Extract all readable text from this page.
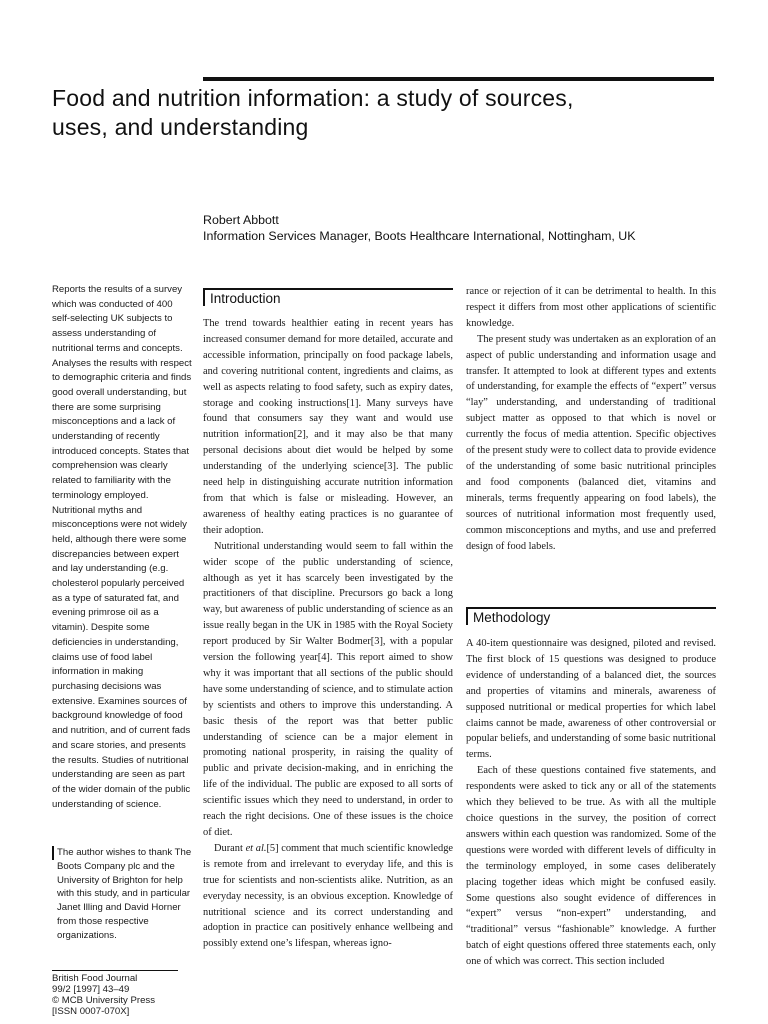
Food and nutrition information: a study of sources,
uses, and understanding
Robert Abbott
Information Services Manager, Boots Healthcare International, Nottingham, UK
Reports the results of a survey which was conducted of 400 self-selecting UK subjects to assess understanding of nutritional terms and concepts. Analyses the results with respect to demographic criteria and finds good overall understanding, but there are some surprising misconceptions and a lack of understanding of recently introduced concepts. States that comprehension was clearly related to familiarity with the terminology employed. Nutritional myths and misconceptions were not widely held, although there were some discrepancies between expert and lay understanding (e.g. cholesterol popularly perceived as a type of saturated fat, and evening primrose oil as a vitamin). Despite some deficiencies in understanding, claims use of food label information in making purchasing decisions was extensive. Examines sources of background knowledge of food and nutrition, and of current fads and scare stories, and presents the results. Studies of nutritional understanding are seen as part of the wider domain of the public understanding of science.
The author wishes to thank The Boots Company plc and the University of Brighton for help with this study, and in particular Janet Illing and David Horner from those respective organizations.
British Food Journal
99/2 [1997] 43–49
© MCB University Press
[ISSN 0007-070X]
Introduction

The trend towards healthier eating in recent years has increased consumer demand for more detailed, accurate and accessible information, principally on food package labels, and covering nutritional content, ingredients and claims, as well as aspects relating to food safety, such as expiry dates, storage and cooking instructions[1]. Many surveys have found that consumers say they want and would use nutrition information[2], and it may also be that many personal decisions about diet would be helped by some understanding of the underlying science[3]. The public need help in distinguishing accurate nutrition information from that which is false or misleading. However, an awareness of healthy eating practices is no guarantee of their adoption.

Nutritional understanding would seem to fall within the wider scope of the public understanding of science, although as yet it has scarcely been investigated by the practitioners of that discipline. Precursors go back a long way, but awareness of public understanding of science as an issue really began in the UK in 1985 with the Royal Society report produced by Sir Walter Bodmer[3], with a popular version the following year[4]. This report aimed to show why it was important that all sections of the public should have some understanding of science, and to stimulate action by scientists and others to improve this understanding. A basic thesis of the report was that better public understanding of science can be a major element in promoting national prosperity, in raising the quality of public and private decision-making, and in enriching the life of the individual. The public are exposed to all sorts of scientific issues which they need to understand, in order to reach the right decisions. One of these issues is the choice of diet.

Durant et al.[5] comment that much scientific knowledge is remote from and irrelevant to everyday life, and this is true for scientists and non-scientists alike. Nutrition, as an everyday necessity, is an obvious exception. Knowledge of nutritional science and its correct understanding and adoption in practice can positively enhance wellbeing and possibly extend one’s lifespan, whereas igno-

rance or rejection of it can be detrimental to health. In this respect it differs from most other applications of scientific knowledge.

The present study was undertaken as an exploration of an aspect of public understanding and information usage and transfer. It attempted to look at different types and extents of understanding, for example the effects of “expert” versus “lay” understanding, and understanding of traditional subject matter as opposed to that which is novel or currently the focus of media attention. Specific objectives of the present study were to collect data to provide evidence of the understanding of some basic nutritional principles and food components (balanced diet, vitamins and minerals, terms frequently appearing on food labels), the sources of nutritional information most frequently used, common misconceptions and myths, and use and preferred design of food labels.

Methodology

A 40-item questionnaire was designed, piloted and revised. The first block of 15 questions was designed to produce evidence of understanding of a balanced diet, the sources and properties of vitamins and minerals, awareness of supposed nutritional or medical properties for which label claims cannot be made, awareness of other controversial or popular beliefs, and understanding of some basic nutritional terms.

Each of these questions contained five statements, and respondents were asked to tick any or all of the statements which they believed to be true. As with all the multiple choice questions in the survey, the position of correct answers within each question was randomized. Some of the questions were worded with different levels of difficulty in the terminology employed, in some cases deliberately placing together ideas which might be confused easily. Some questions also sought evidence of differences in “expert” versus “non-expert” understanding, and “traditional” versus “fashionable” knowledge. A further batch of eight questions offered three statements each, only one of which was correct. This section included
